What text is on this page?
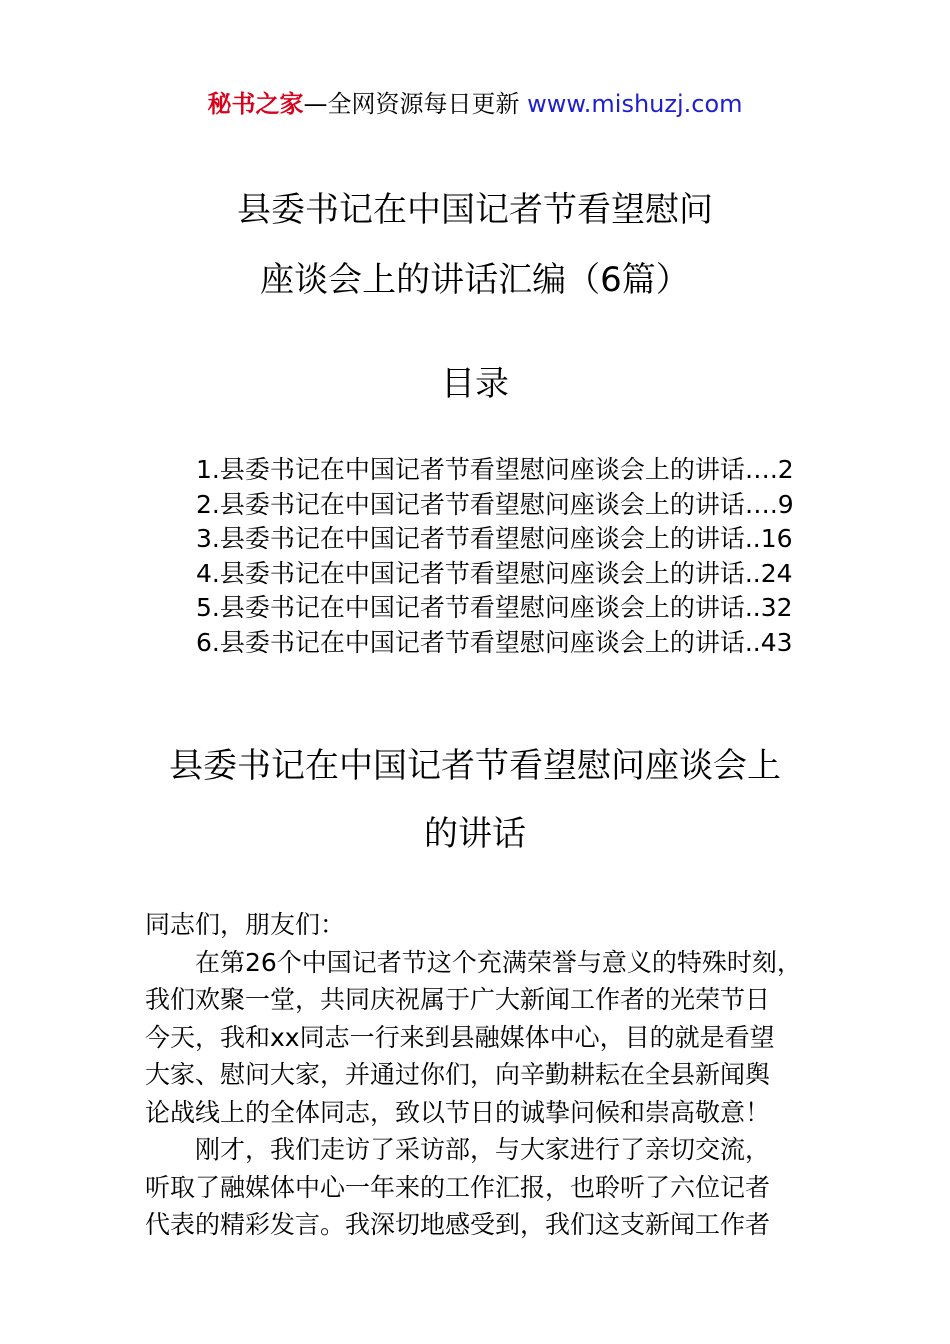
秘书之家—全网资源每日更新 www.mishuzj.com
县委书记在中国记者节看望慰问
座谈会上的讲话汇编（6篇）
目录
1.县委书记在中国记者节看望慰问座谈会上的讲话….2
2.县委书记在中国记者节看望慰问座谈会上的讲话….9
3.县委书记在中国记者节看望慰问座谈会上的讲话..16
4.县委书记在中国记者节看望慰问座谈会上的讲话..24
5.县委书记在中国记者节看望慰问座谈会上的讲话..32
6.县委书记在中国记者节看望慰问座谈会上的讲话..43
县委书记在中国记者节看望慰问座谈会上
的讲话
同志们，朋友们：
在第26个中国记者节这个充满荣誉与意义的特殊时刻，
我们欢聚一堂，共同庆祝属于广大新闻工作者的光荣节日
今天，我和xx同志一行来到县融媒体中心，目的就是看望
大家、慰问大家，并通过你们，向辛勤耕耘在全县新闻舆
论战线上的全体同志，致以节日的诚挚问候和崇高敬意！
刚才，我们走访了采访部，与大家进行了亲切交流，
听取了融媒体中心一年来的工作汇报，也聆听了六位记者
代表的精彩发言。我深切地感受到，我们这支新闻工作者
